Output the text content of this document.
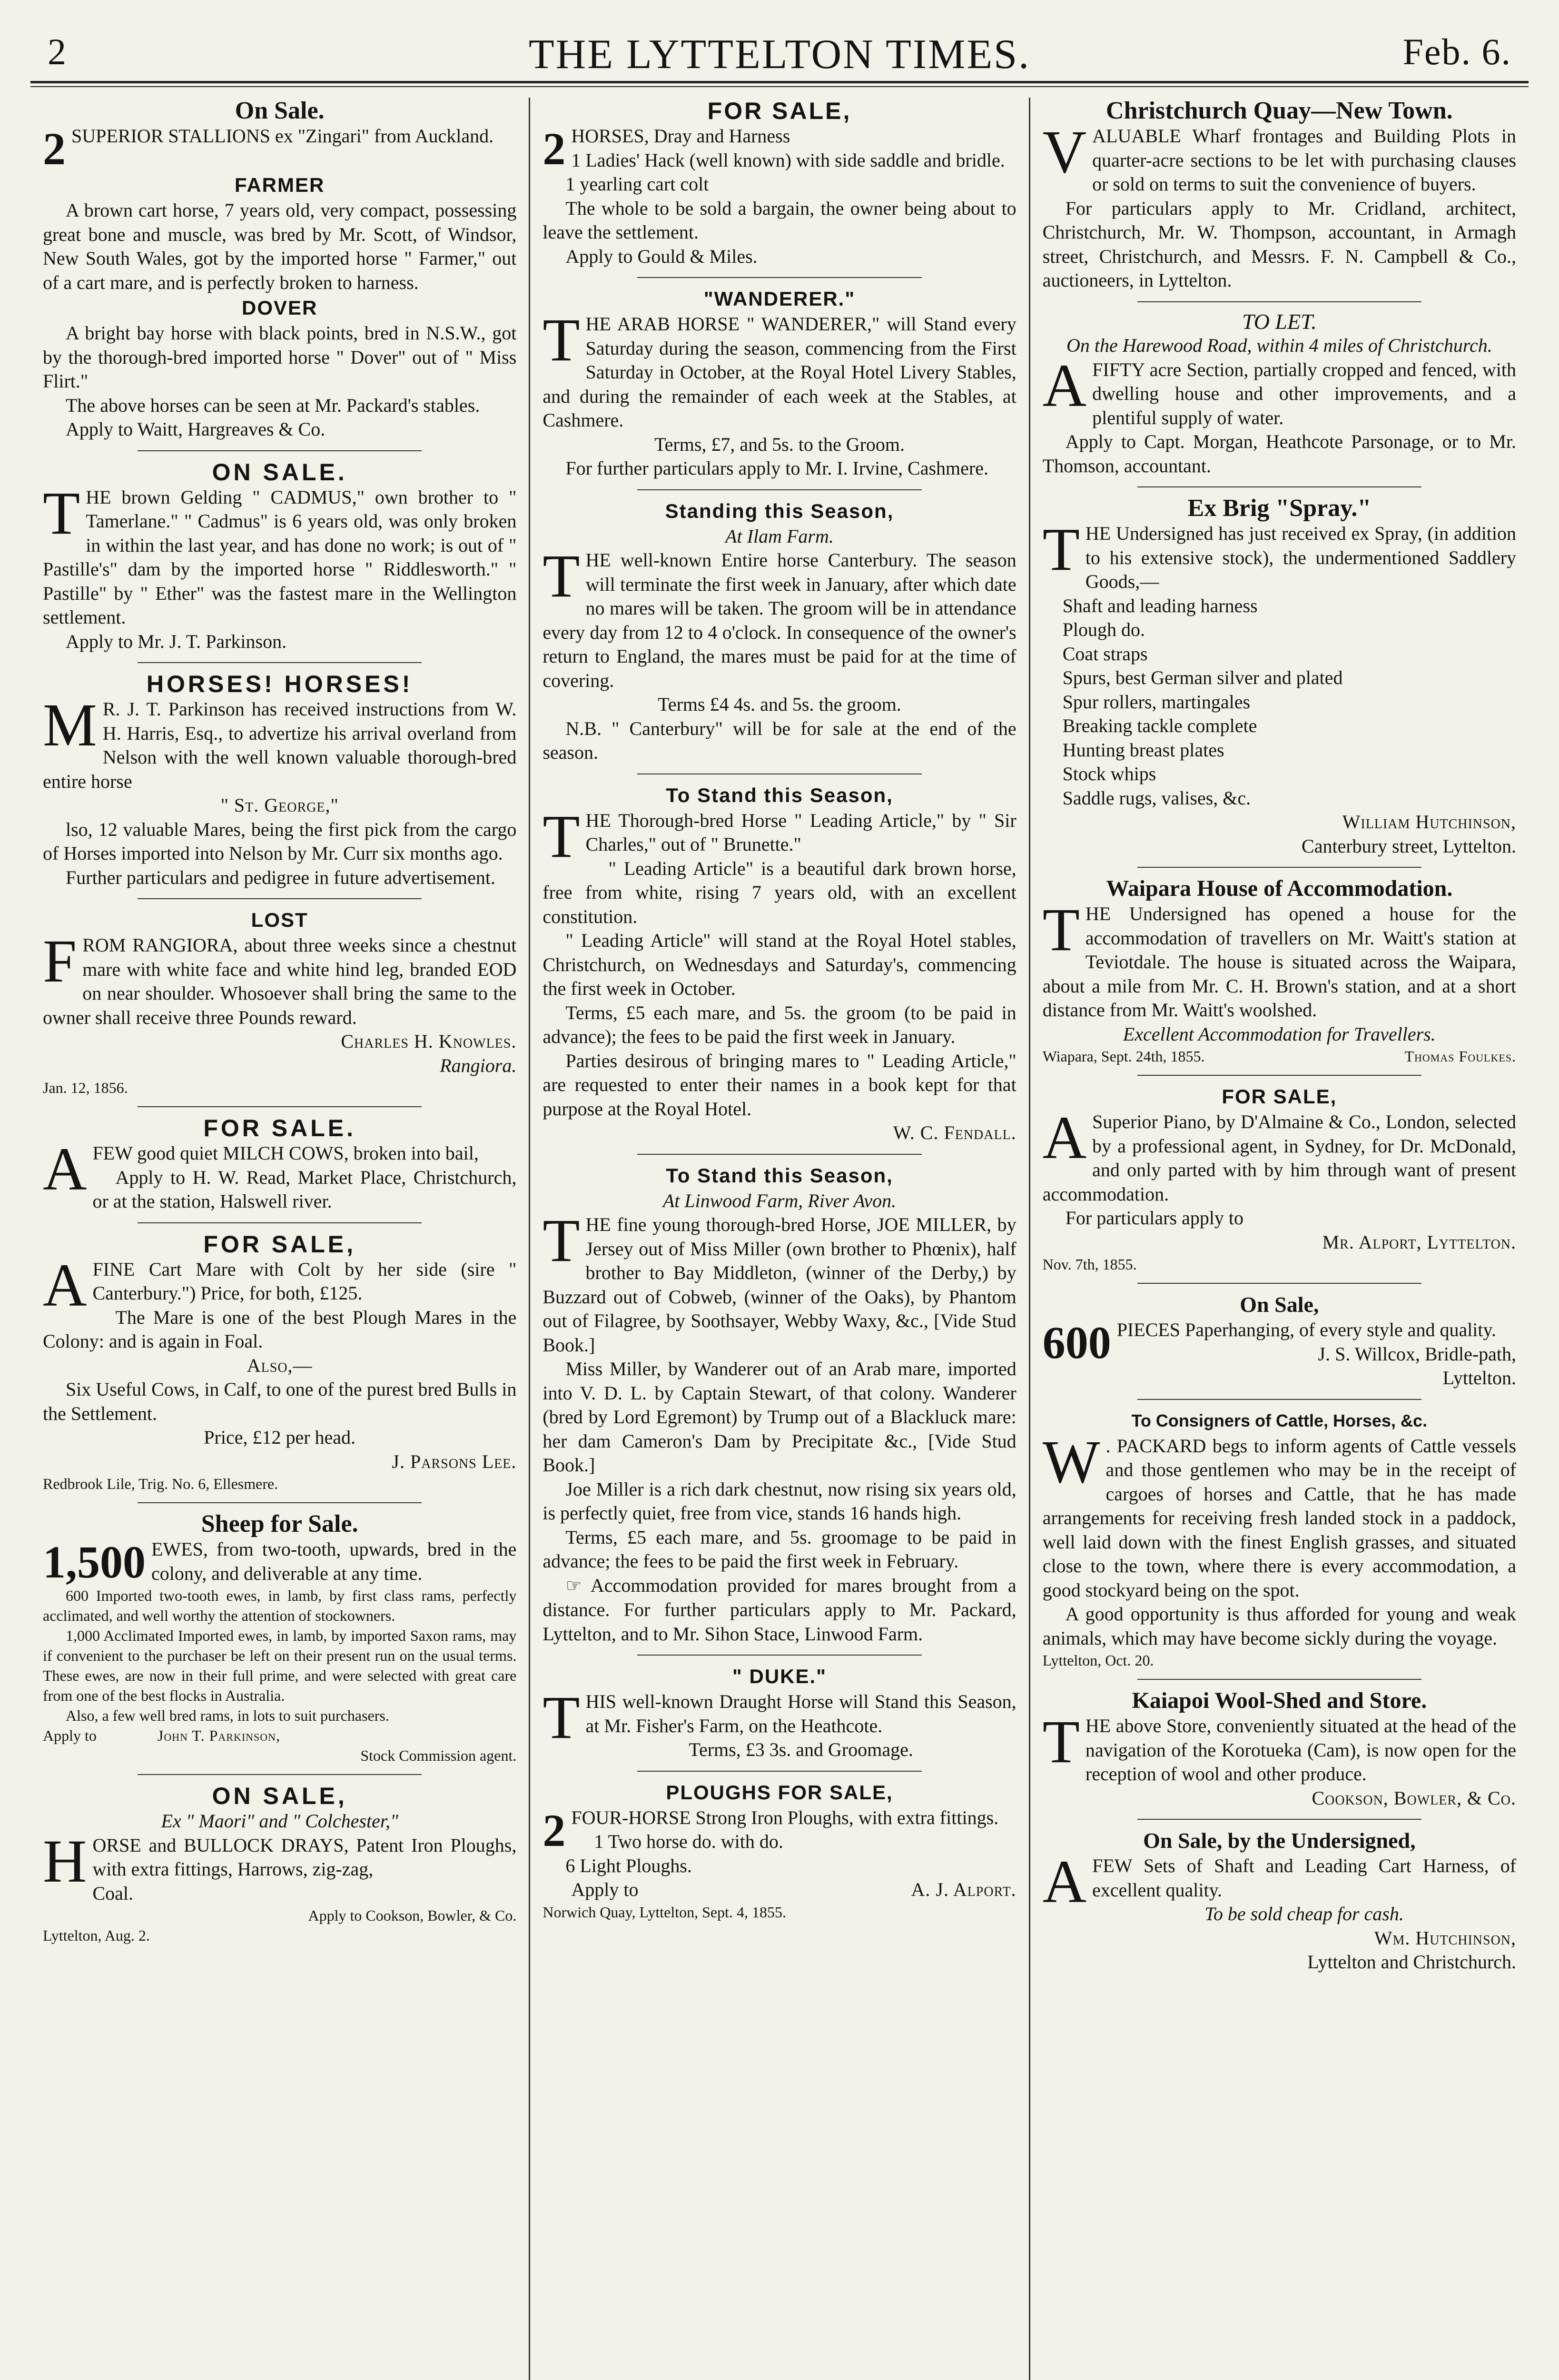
2	THE LYTTELTON TIMES.	Feb. 6.
On Sale.
2 SUPERIOR STALLIONS ex "Zingari" from Auckland.

FARMER

A brown cart horse, 7 years old, very compact, possessing great bone and muscle, was bred by Mr. Scott, of Windsor, New South Wales, got by the imported horse " Farmer," out of a cart mare, and is perfectly broken to harness.

DOVER

A bright bay horse with black points, bred in N.S.W., got by the thorough-bred imported horse " Dover" out of " Miss Flirt."

The above horses can be seen at Mr. Packard's stables.

Apply to Waitt, Hargreaves & Co.

ON SALE.
T HE brown Gelding " CADMUS," own brother to " Tamerlane." " Cadmus" is 6 years old, was only broken in within the last year, and has done no work; is out of " Pastille's" dam by the imported horse " Riddlesworth." " Pastille" by " Ether" was the fastest mare in the Wellington settlement.

Apply to Mr. J. T. Parkinson.

HORSES! HORSES!
M R. J. T. Parkinson has received instructions from W. H. Harris, Esq., to advertize his arrival overland from Nelson with the well known valuable thorough-bred entire horse

" St. George,"

lso, 12 valuable Mares, being the first pick from the cargo of Horses imported into Nelson by Mr. Curr six months ago.

Further particulars and pedigree in future advertisement.

LOST
F ROM RANGIORA, about three weeks since a chestnut mare with white face and white hind leg, branded EOD on near shoulder. Whosoever shall bring the same to the owner shall receive three Pounds reward.

Charles H. Knowles.
Rangiora.
Jan. 12, 1856.
FOR SALE.
A FEW good quiet MILCH COWS, broken into bail,

Apply to H. W. Read, Market Place, Christchurch, or at the station, Halswell river.

FOR SALE,
A FINE Cart Mare with Colt by her side (sire " Canterbury.") Price, for both, £125.

The Mare is one of the best Plough Mares in the Colony: and is again in Foal.

Also,—

Six Useful Cows, in Calf, to one of the purest bred Bulls in the Settlement.

Price, £12 per head.
J. Parsons Lee.
Redbrook Lile, Trig. No. 6, Ellesmere.
Sheep for Sale.
1,500 EWES, from two-tooth, upwards, bred in the colony, and deliverable at any time.

600 Imported two-tooth ewes, in lamb, by first class rams, perfectly acclimated, and well worthy the attention of stockowners.

1,000 Acclimated Imported ewes, in lamb, by imported Saxon rams, may if convenient to the purchaser be left on their present run on the usual terms. These ewes, are now in their full prime, and were selected with great care from one of the best flocks in Australia.

Also, a few well bred rams, in lots to suit purchasers.

Apply to	John T. Parkinson,
Stock Commission agent.
ON SALE,
Ex " Maori" and " Colchester,"
H ORSE and BULLOCK DRAYS, Patent Iron Ploughs, with extra fittings, Harrows, zig-zag,

Coal.

Apply to Cookson, Bowler, & Co.
Lyttelton, Aug. 2.
FOR SALE,
2 HORSES, Dray and Harness

1 Ladies' Hack (well known) with side saddle and bridle.

1 yearling cart colt

The whole to be sold a bargain, the owner being about to leave the settlement.

Apply to Gould & Miles.

"WANDERER."
T HE ARAB HORSE " WANDERER," will Stand every Saturday during the season, commencing from the First Saturday in October, at the Royal Hotel Livery Stables, and during the remainder of each week at the Stables, at Cashmere.

Terms, £7, and 5s. to the Groom.

For further particulars apply to Mr. I. Irvine, Cashmere.

Standing this Season,
At Ilam Farm.
T HE well-known Entire horse Canterbury. The season will terminate the first week in January, after which date no mares will be taken. The groom will be in attendance every day from 12 to 4 o'clock. In consequence of the owner's return to England, the mares must be paid for at the time of covering.

Terms £4 4s. and 5s. the groom.

N.B. " Canterbury" will be for sale at the end of the season.

To Stand this Season,
T HE Thorough-bred Horse " Leading Article," by " Sir Charles," out of " Brunette."

" Leading Article" is a beautiful dark brown horse, free from white, rising 7 years old, with an excellent constitution.

" Leading Article" will stand at the Royal Hotel stables, Christchurch, on Wednesdays and Saturday's, commencing the first week in October.

Terms, £5 each mare, and 5s. the groom (to be paid in advance); the fees to be paid the first week in January.

Parties desirous of bringing mares to " Leading Article," are requested to enter their names in a book kept for that purpose at the Royal Hotel.

W. C. Fendall.
To Stand this Season,
At Linwood Farm, River Avon.
T HE fine young thorough-bred Horse, JOE MILLER, by Jersey out of Miss Miller (own brother to Phœnix), half brother to Bay Middleton, (winner of the Derby,) by Buzzard out of Cobweb, (winner of the Oaks), by Phantom out of Filagree, by Soothsayer, Webby Waxy, &c., [Vide Stud Book.]

Miss Miller, by Wanderer out of an Arab mare, imported into V. D. L. by Captain Stewart, of that colony. Wanderer (bred by Lord Egremont) by Trump out of a Blackluck mare: her dam Cameron's Dam by Precipitate &c., [Vide Stud Book.]

Joe Miller is a rich dark chestnut, now rising six years old, is perfectly quiet, free from vice, stands 16 hands high.

Terms, £5 each mare, and 5s. groomage to be paid in advance; the fees to be paid the first week in February.

☞ Accommodation provided for mares brought from a distance. For further particulars apply to Mr. Packard, Lyttelton, and to Mr. Sihon Stace, Linwood Farm.

" DUKE."
T HIS well-known Draught Horse will Stand this Season, at Mr. Fisher's Farm, on the Heathcote.

Terms, £3 3s. and Groomage.
PLOUGHS FOR SALE,
2 FOUR-HORSE Strong Iron Ploughs, with extra fittings.

1 Two horse do. with do.

6 Light Ploughs.

Apply to	A. J. Alport.
Norwich Quay, Lyttelton, Sept. 4, 1855.
Christchurch Quay—New Town.
V ALUABLE Wharf frontages and Building Plots in quarter-acre sections to be let with purchasing clauses or sold on terms to suit the convenience of buyers.

For particulars apply to Mr. Cridland, architect, Christchurch, Mr. W. Thompson, accountant, in Armagh street, Christchurch, and Messrs. F. N. Campbell & Co., auctioneers, in Lyttelton.

TO LET.
On the Harewood Road, within 4 miles of Christchurch.
A FIFTY acre Section, partially cropped and fenced, with dwelling house and other improvements, and a plentiful supply of water.

Apply to Capt. Morgan, Heathcote Parsonage, or to Mr. Thomson, accountant.

Ex Brig "Spray."
T HE Undersigned has just received ex Spray, (in addition to his extensive stock), the undermentioned Saddlery Goods,—

Shaft and leading harness
Plough do.
Coat straps
Spurs, best German silver and plated
Spur rollers, martingales
Breaking tackle complete
Hunting breast plates
Stock whips
Saddle rugs, valises, &c.
William Hutchinson,
Canterbury street, Lyttelton.
Waipara House of Accommodation.
T HE Undersigned has opened a house for the accommodation of travellers on Mr. Waitt's station at Teviotdale. The house is situated across the Waipara, about a mile from Mr. C. H. Brown's station, and at a short distance from Mr. Waitt's woolshed.

Excellent Accommodation for Travellers.
Wiapara, Sept. 24th, 1855.	Thomas Foulkes.
FOR SALE,
A Superior Piano, by D'Almaine & Co., London, selected by a professional agent, in Sydney, for Dr. McDonald, and only parted with by him through want of present accommodation.

For particulars apply to

Mr. Alport, Lyttelton.
Nov. 7th, 1855.
On Sale,
600 PIECES Paperhanging, of every style and quality.

J. S. Willcox, Bridle-path,
Lyttelton.
To Consigners of Cattle, Horses, &c.
W . PACKARD begs to inform agents of Cattle vessels and those gentlemen who may be in the receipt of cargoes of horses and Cattle, that he has made arrangements for receiving fresh landed stock in a paddock, well laid down with the finest English grasses, and situated close to the town, where there is every accommodation, a good stockyard being on the spot.

A good opportunity is thus afforded for young and weak animals, which may have become sickly during the voyage.

Lyttelton, Oct. 20.
Kaiapoi Wool-Shed and Store.
T HE above Store, conveniently situated at the head of the navigation of the Korotueka (Cam), is now open for the reception of wool and other produce.

Cookson, Bowler, & Co.
On Sale, by the Undersigned,
A FEW Sets of Shaft and Leading Cart Harness, of excellent quality.

To be sold cheap for cash.
Wm. Hutchinson,
Lyttelton and Christchurch.
